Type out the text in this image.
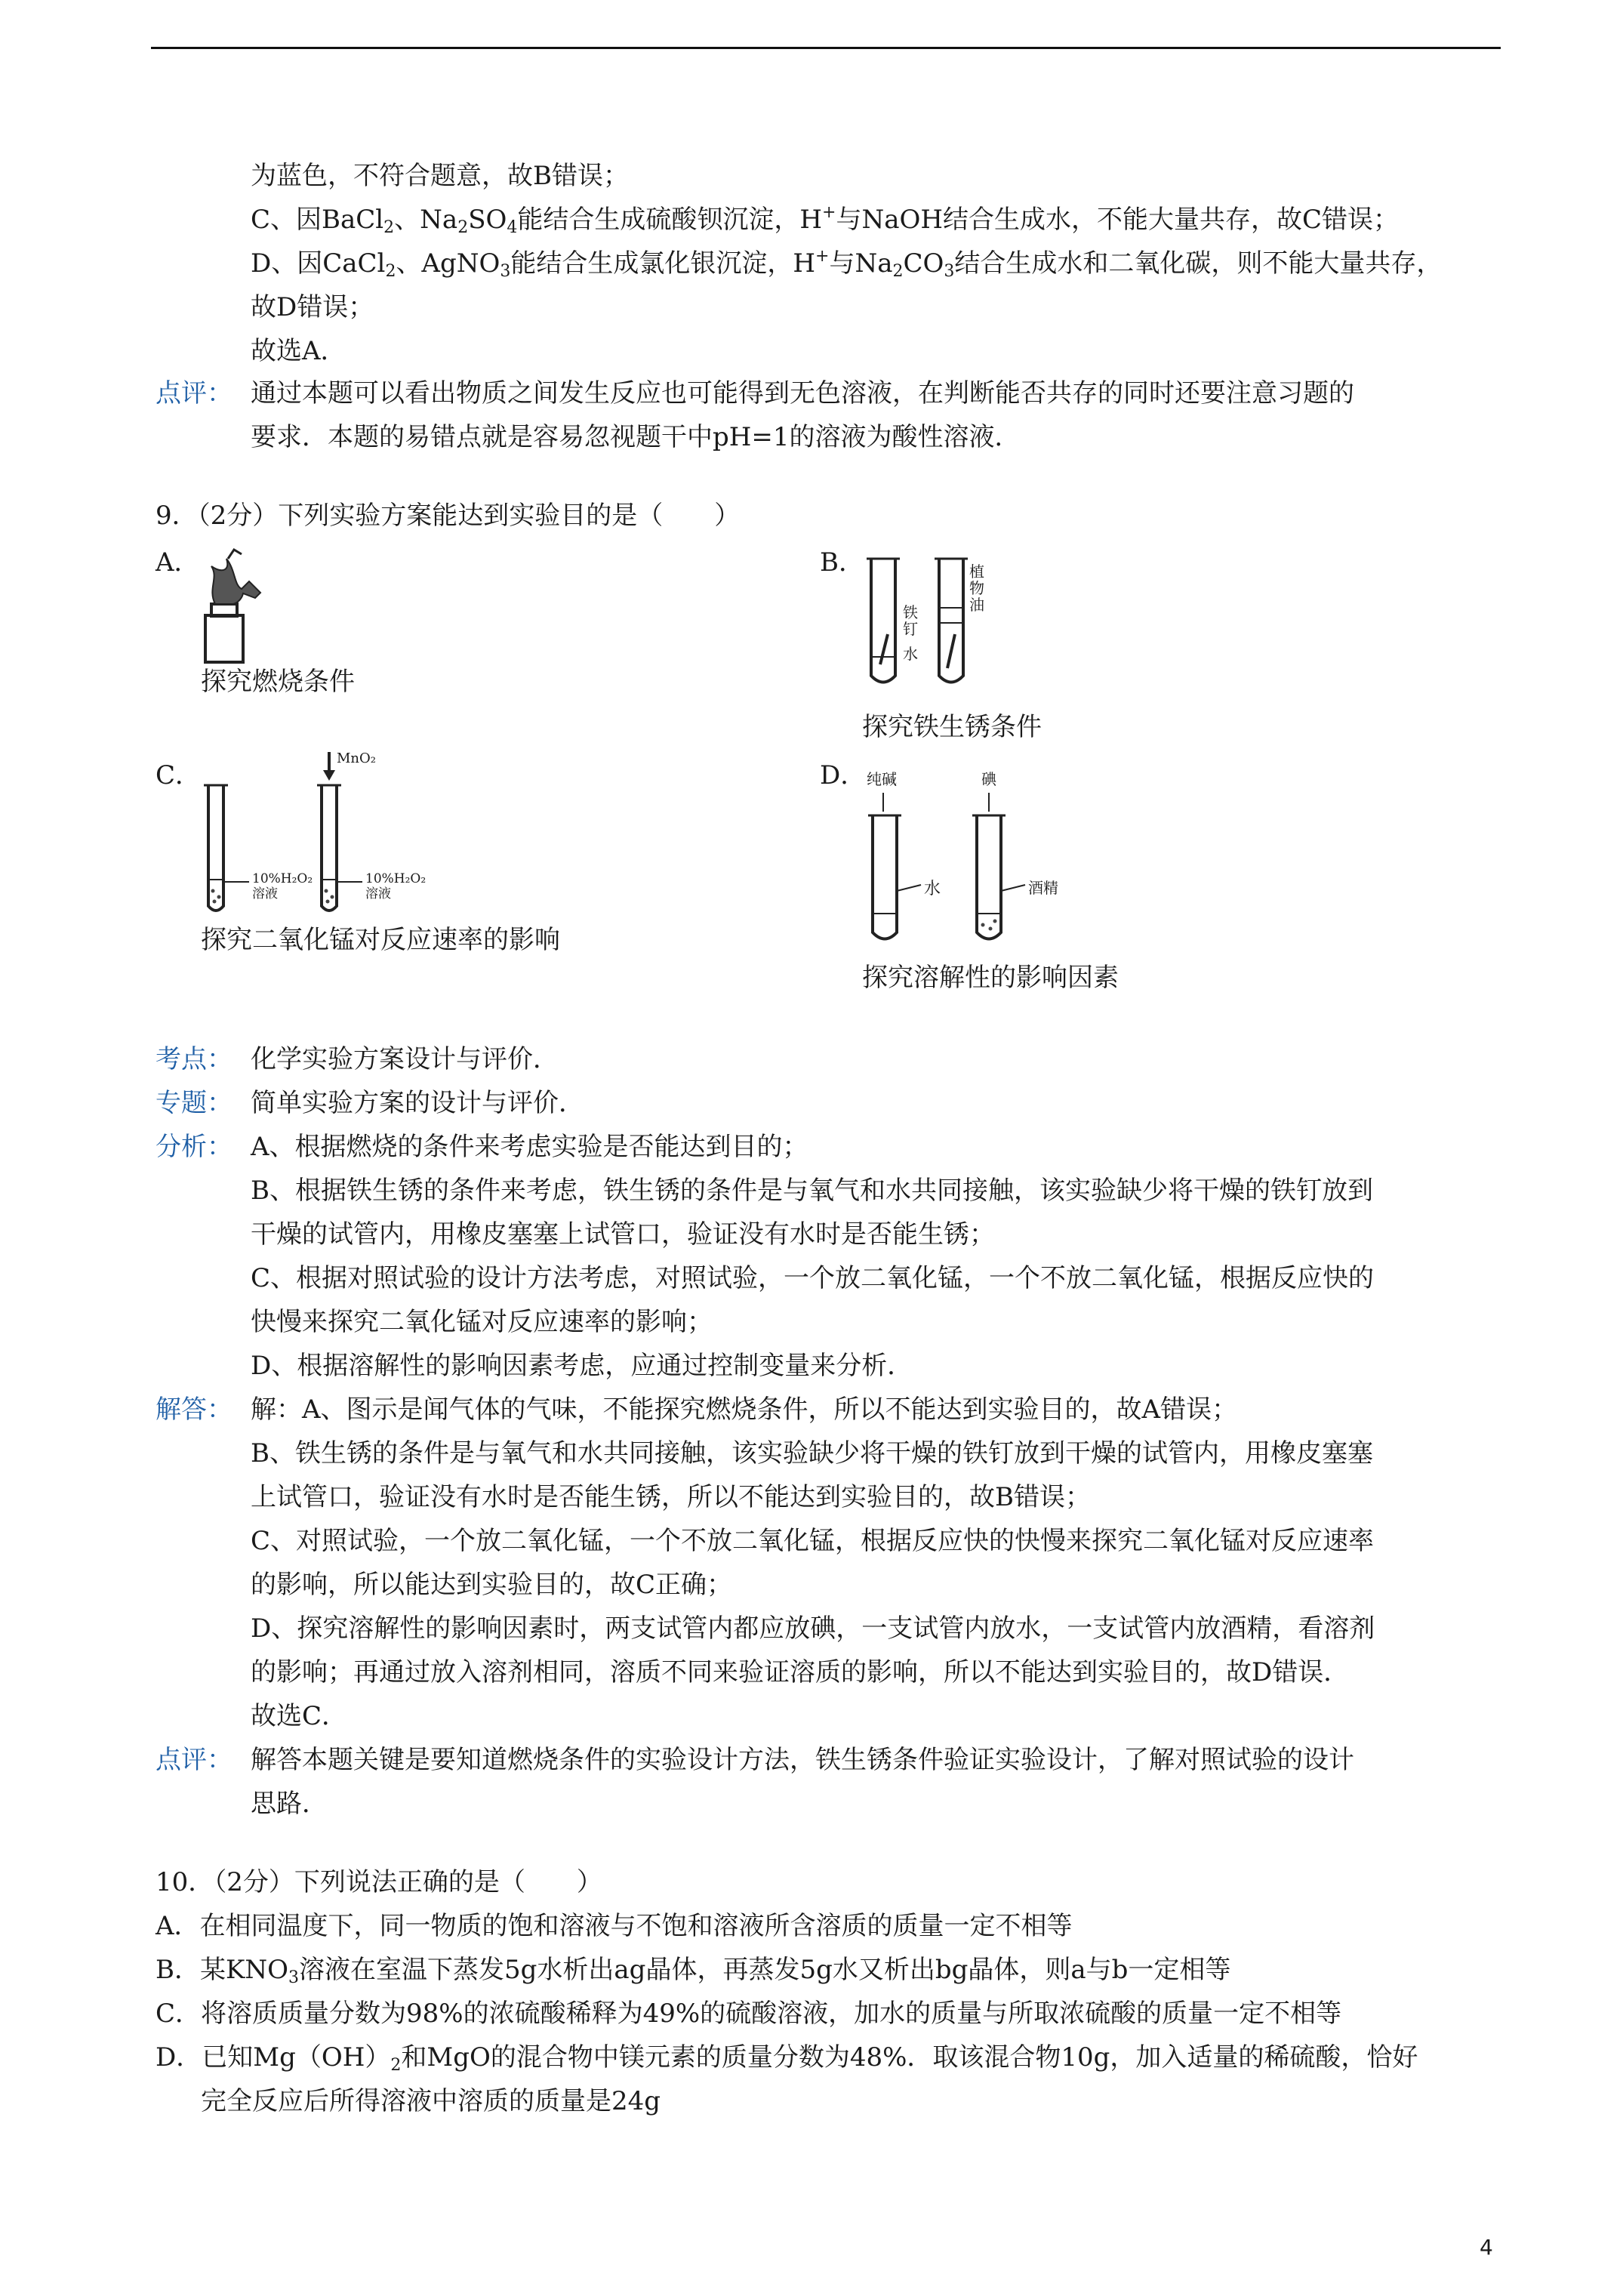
为蓝色，不符合题意，故B错误；
C、因BaCl$_2$、$Na_2SO_4$能结合生成硫酸钡沉淀，H+与NaOH结合生成水，不能大量共存，故C错误；
D、因CaCl$_2$、AgNO$_3$能结合生成氯化银沉淀，H+与$Na_2CO_3$结合生成水和二氧化碳，则不能大量共存，
故D错误；
故选A．
点评： 通过本题可以看出物质之间发生反应也可能得到无色溶液，在判断能否共存的同时还要注意习题的
要求．本题的易错点就是容易忽视题干中pH=1的溶液为酸性溶液．
9．（2分）下列实验方案能达到实验目的是（　　）
A．	B．
探究燃烧条件
铁钉
水
植物油
探究铁生锈条件
C．	D．
MnO₂
10%H₂O₂
溶液
10%H₂O₂
溶液
探究二氧化锰对反应速率的影响
纯碱	碘
水	酒精
探究溶解性的影响因素
考点： 化学实验方案设计与评价．
专题： 简单实验方案的设计与评价．
分析： A、根据燃烧的条件来考虑实验是否能达到目的；
B、根据铁生锈的条件来考虑，铁生锈的条件是与氧气和水共同接触，该实验缺少将干燥的铁钉放到
干燥的试管内，用橡皮塞塞上试管口，验证没有水时是否能生锈；
C、根据对照试验的设计方法考虑，对照试验，一个放二氧化锰，一个不放二氧化锰，根据反应快的
快慢来探究二氧化锰对反应速率的影响；
D、根据溶解性的影响因素考虑，应通过控制变量来分析．
解答： 解：A、图示是闻气体的气味，不能探究燃烧条件，所以不能达到实验目的，故A错误；
B、铁生锈的条件是与氧气和水共同接触，该实验缺少将干燥的铁钉放到干燥的试管内，用橡皮塞塞
上试管口，验证没有水时是否能生锈，所以不能达到实验目的，故B错误；
C、对照试验，一个放二氧化锰，一个不放二氧化锰，根据反应快的快慢来探究二氧化锰对反应速率
的影响，所以能达到实验目的，故C正确；
D、探究溶解性的影响因素时，两支试管内都应放碘，一支试管内放水，一支试管内放酒精，看溶剂
的影响；再通过放入溶剂相同，溶质不同来验证溶质的影响，所以不能达到实验目的，故D错误．
故选C．
点评： 解答本题关键是要知道燃烧条件的实验设计方法，铁生锈条件验证实验设计，了解对照试验的设计
思路．
10．（2分）下列说法正确的是（　　）
A．在相同温度下，同一物质的饱和溶液与不饱和溶液所含溶质的质量一定不相等
B．某$KNO_3$溶液在室温下蒸发5g水析出ag晶体，再蒸发5g水又析出bg晶体，则a与b一定相等
C．将溶质质量分数为98%的浓硫酸稀释为49%的硫酸溶液，加水的质量与所取浓硫酸的质量一定不相等
D．已知$Mg(OH)_2$和MgO的混合物中镁元素的质量分数为48%．取该混合物10g，加入适量的稀硫酸，恰好
完全反应后所得溶液中溶质的质量是24g
4
